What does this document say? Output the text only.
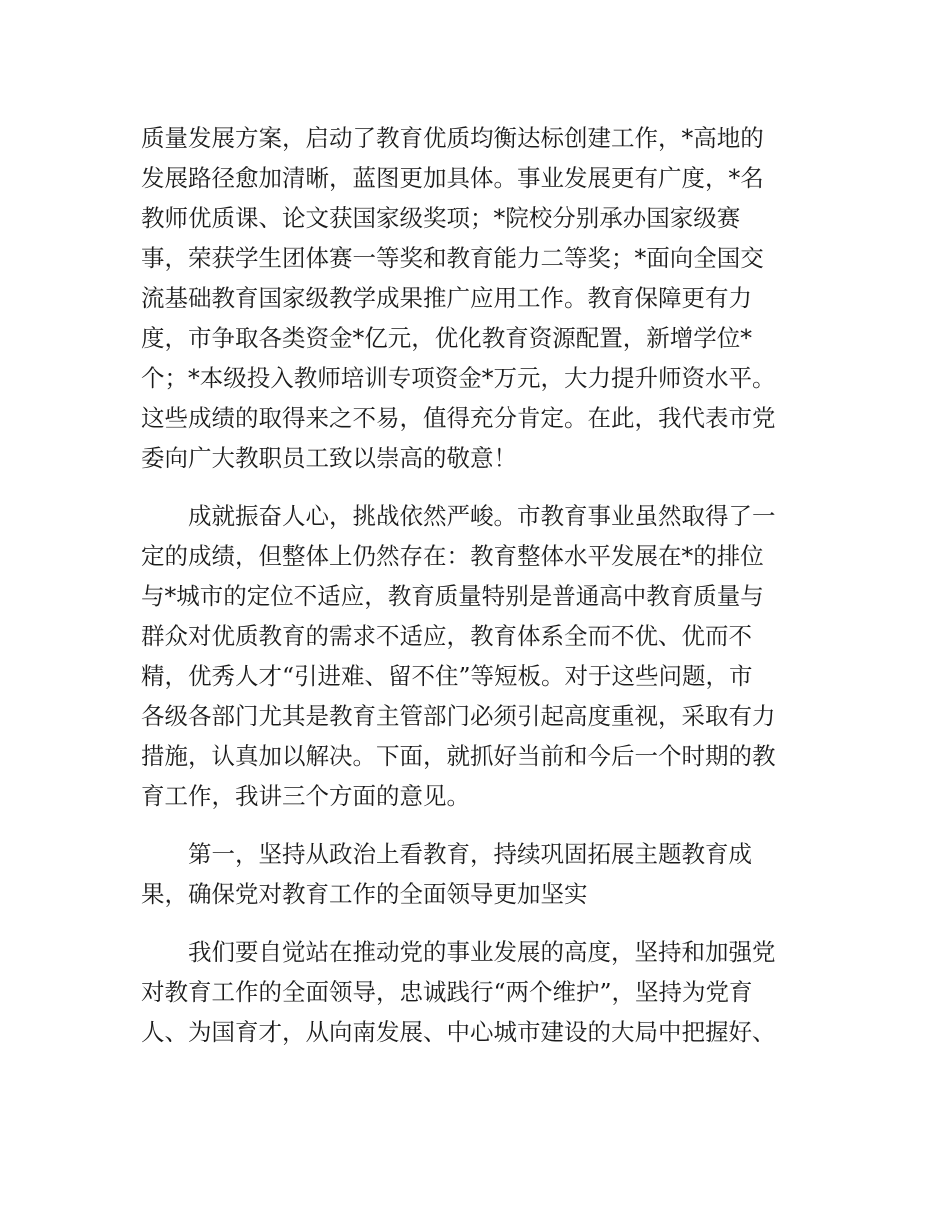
质量发展方案，启动了教育优质均衡达标创建工作，*高地的
发展路径愈加清晰，蓝图更加具体。事业发展更有广度，*名
教师优质课、论文获国家级奖项；*院校分别承办国家级赛
事，荣获学生团体赛一等奖和教育能力二等奖；*面向全国交
流基础教育国家级教学成果推广应用工作。教育保障更有力
度，市争取各类资金*亿元，优化教育资源配置，新增学位*
个；*本级投入教师培训专项资金*万元，大力提升师资水平。
这些成绩的取得来之不易，值得充分肯定。在此，我代表市党
委向广大教职员工致以崇高的敬意！
成就振奋人心，挑战依然严峻。市教育事业虽然取得了一
定的成绩，但整体上仍然存在：教育整体水平发展在*的排位
与*城市的定位不适应，教育质量特别是普通高中教育质量与
群众对优质教育的需求不适应，教育体系全而不优、优而不
精，优秀人才“引进难、留不住”等短板。对于这些问题，市
各级各部门尤其是教育主管部门必须引起高度重视，采取有力
措施，认真加以解决。下面，就抓好当前和今后一个时期的教
育工作，我讲三个方面的意见。
第一，坚持从政治上看教育，持续巩固拓展主题教育成
果，确保党对教育工作的全面领导更加坚实
我们要自觉站在推动党的事业发展的高度，坚持和加强党
对教育工作的全面领导，忠诚践行“两个维护”，坚持为党育
人、为国育才，从向南发展、中心城市建设的大局中把握好、
